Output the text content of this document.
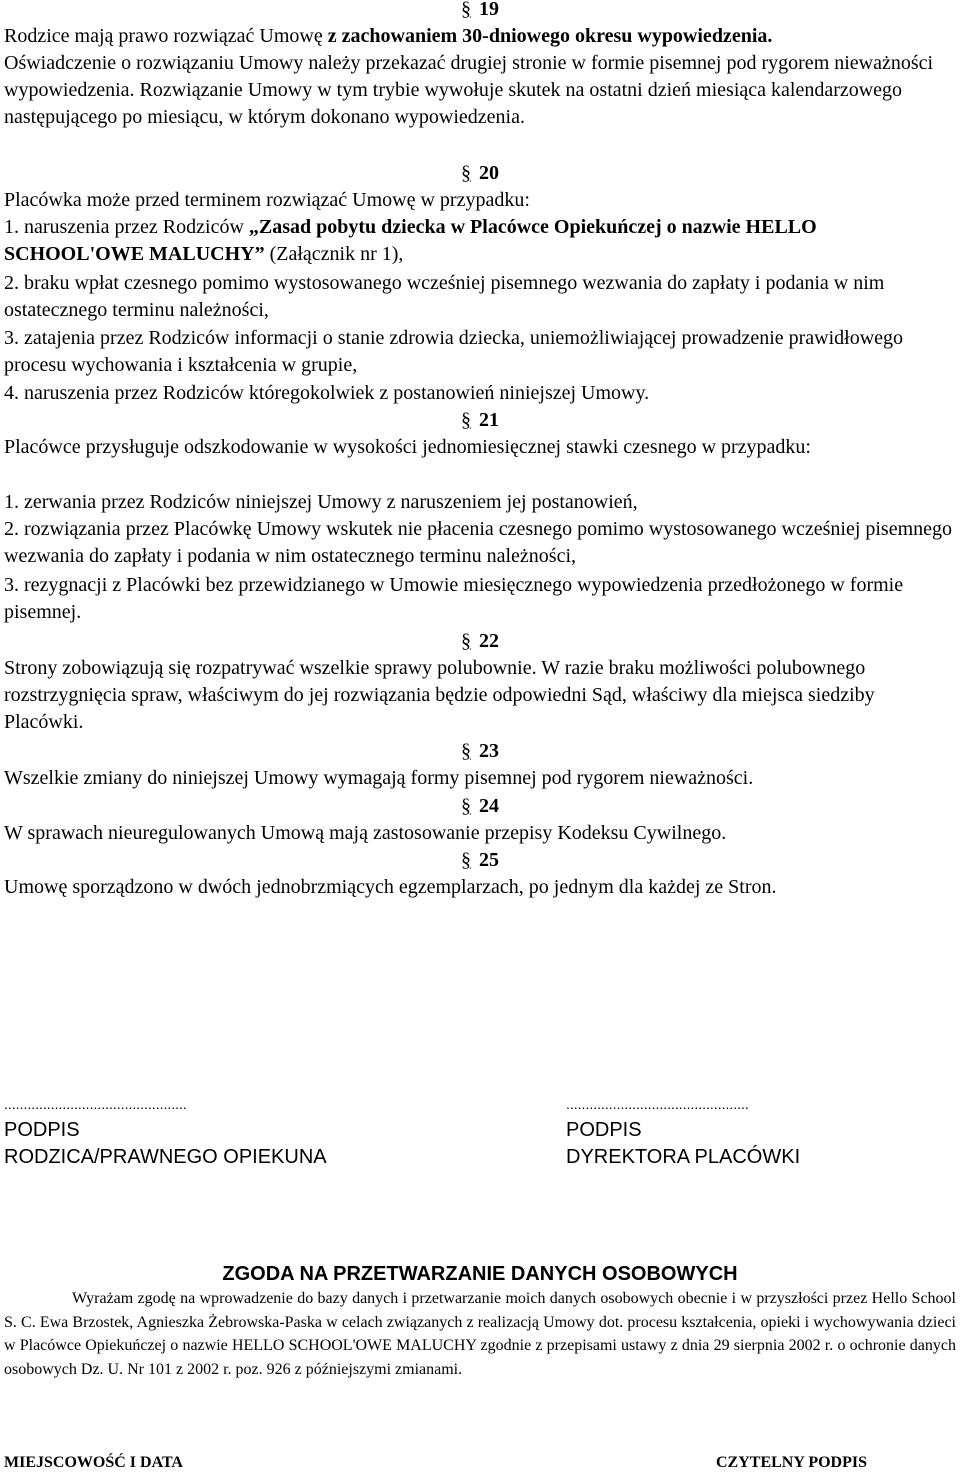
§ 19

Rodzice mają prawo rozwiązać Umowę z zachowaniem 30-dniowego okresu wypowiedzenia.
Oświadczenie o rozwiązaniu Umowy należy przekazać drugiej stronie w formie pisemnej pod rygorem nieważności wypowiedzenia. Rozwiązanie Umowy w tym trybie wywołuje skutek na ostatni dzień miesiąca kalendarzowego następującego po miesiącu, w którym dokonano wypowiedzenia.

§ 20

Placówka może przed terminem rozwiązać Umowę w przypadku:

1. naruszenia przez Rodziców „Zasad pobytu dziecka w Placówce Opiekuńczej o nazwie HELLO SCHOOL'OWE MALUCHY” (Załącznik nr 1),

2. braku wpłat czesnego pomimo wystosowanego wcześniej pisemnego wezwania do zapłaty i podania w nim ostatecznego terminu należności,

3. zatajenia przez Rodziców informacji o stanie zdrowia dziecka, uniemożliwiającej prowadzenie prawidłowego procesu wychowania i kształcenia w grupie,

4. naruszenia przez Rodziców któregokolwiek z postanowień niniejszej Umowy.

§ 21

Placówce przysługuje odszkodowanie w wysokości jednomiesięcznej stawki czesnego w przypadku:

1. zerwania przez Rodziców niniejszej Umowy z naruszeniem jej postanowień,

2. rozwiązania przez Placówkę Umowy wskutek nie płacenia czesnego pomimo wystosowanego wcześniej pisemnego wezwania do zapłaty i podania w nim ostatecznego terminu należności,

3. rezygnacji z Placówki bez przewidzianego w Umowie miesięcznego wypowiedzenia przedłożonego w formie pisemnej.

§ 22

Strony zobowiązują się rozpatrywać wszelkie sprawy polubownie. W razie braku możliwości polubownego rozstrzygnięcia spraw, właściwym do jej rozwiązania będzie odpowiedni Sąd, właściwy dla miejsca siedziby Placówki.

§ 23

Wszelkie zmiany do niniejszej Umowy wymagają formy pisemnej pod rygorem nieważności.

§ 24

W sprawach nieuregulowanych Umową mają zastosowanie przepisy Kodeksu Cywilnego.

§ 25

Umowę sporządzono w dwóch jednobrzmiących egzemplarzach, po jednym dla każdej ze Stron.

...............................................
PODPIS
RODZICA/PRAWNEGO OPIEKUNA
...............................................
PODPIS
DYREKTORA PLACÓWKI
ZGODA NA PRZETWARZANIE DANYCH OSOBOWYCH
Wyrażam zgodę na wprowadzenie do bazy danych i przetwarzanie moich danych osobowych obecnie i w przyszłości przez Hello School S. C. Ewa Brzostek, Agnieszka Żebrowska-Paska w celach związanych z realizacją Umowy dot. procesu kształcenia, opieki i wychowywania dzieci w Placówce Opiekuńczej o nazwie HELLO SCHOOL'OWE MALUCHY zgodnie z przepisami ustawy z dnia 29 sierpnia 2002 r. o ochronie danych osobowych Dz. U. Nr 101 z 2002 r. poz. 926 z późniejszymi zmianami.
MIEJSCOWOŚĆ I DATA	CZYTELNY PODPIS
